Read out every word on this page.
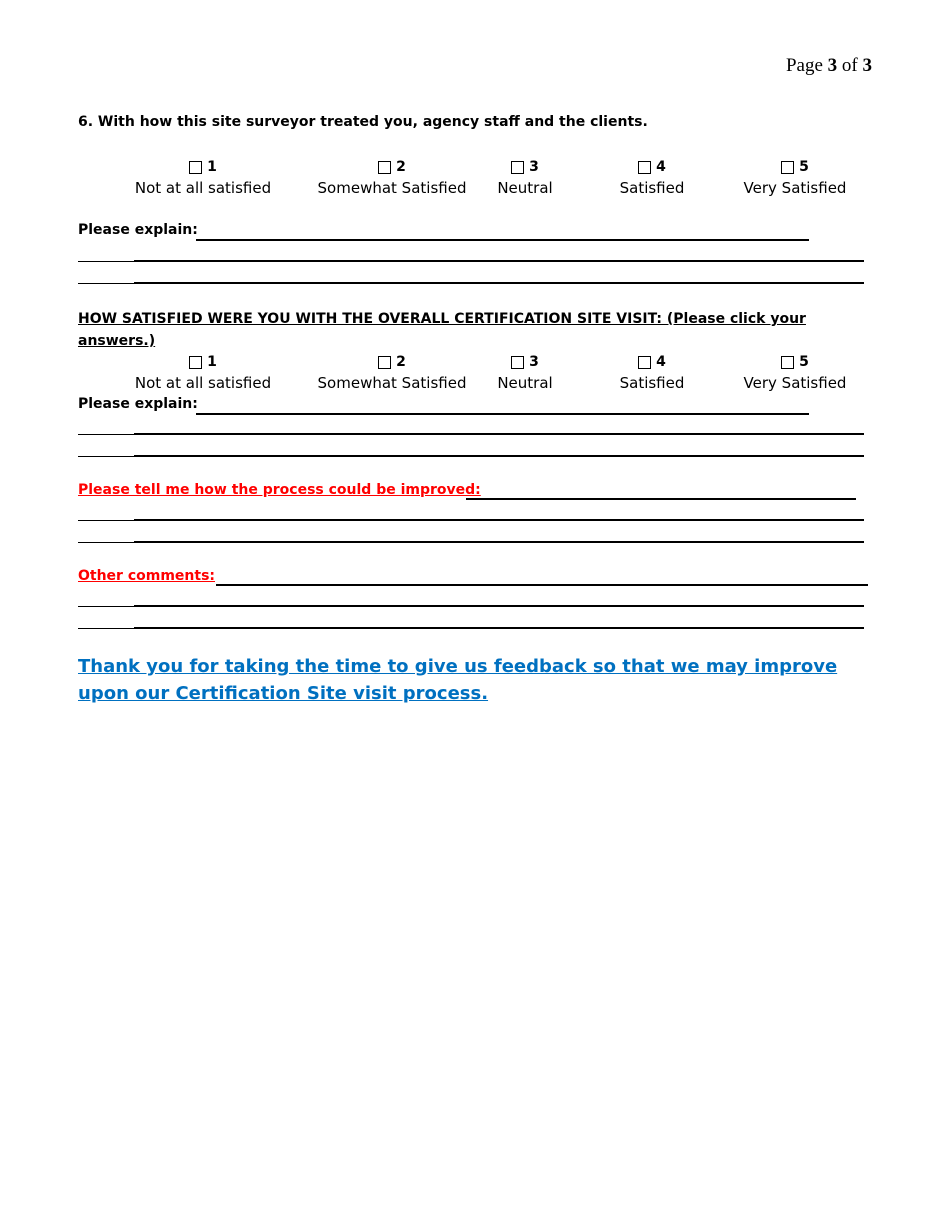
Page 3 of 3
6. With how this site surveyor treated you, agency staff and the clients.
1
Not at all satisfied
2
Somewhat Satisfied
3
Neutral
4
Satisfied
5
Very Satisfied
Please explain:
HOW SATISFIED WERE YOU WITH THE OVERALL CERTIFICATION SITE VISIT: (Please click your answers.)
1
Not at all satisfied
2
Somewhat Satisfied
3
Neutral
4
Satisfied
5
Very Satisfied
Please explain:
Please tell me how the process could be improved:
Other comments:
Thank you for taking the time to give us feedback so that we may improve upon our Certification Site visit process.
